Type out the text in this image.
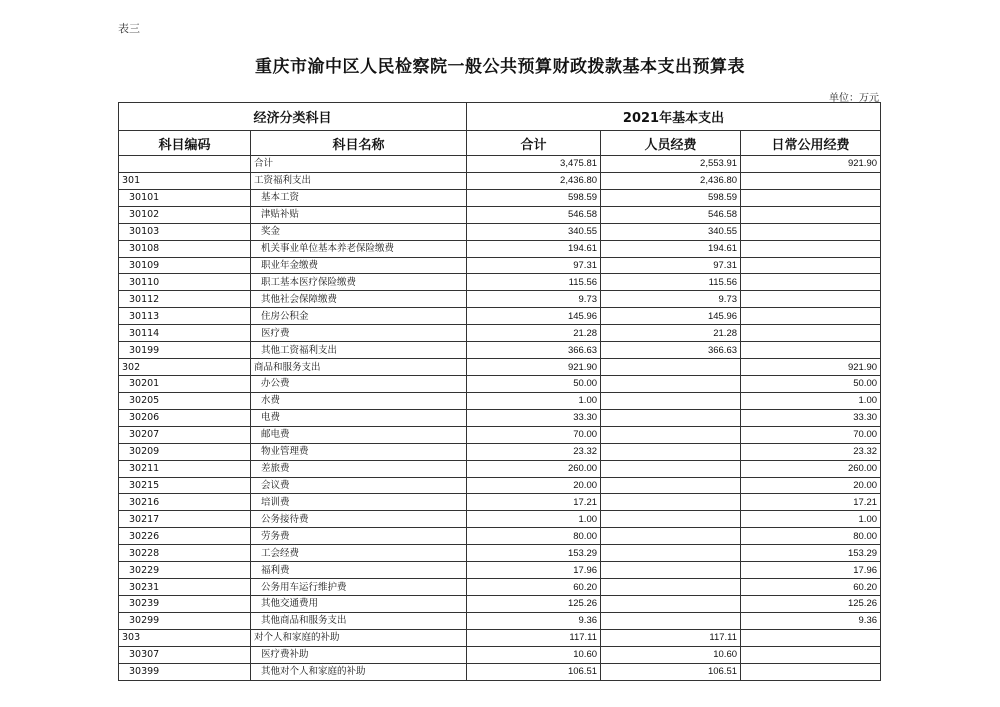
表三
重庆市渝中区人民检察院一般公共预算财政拨款基本支出预算表
单位：万元
经济分类科目		2021年基本支出		
科目编码	科目名称	合计	人员经费	日常公用经费
	合计	3,475.81	2,553.91	921.90
301	工资福利支出	2,436.80	2,436.80	
30101	基本工资	598.59	598.59	
30102	津贴补贴	546.58	546.58	
30103	奖金	340.55	340.55	
30108	机关事业单位基本养老保险缴费	194.61	194.61	
30109	职业年金缴费	97.31	97.31	
30110	职工基本医疗保险缴费	115.56	115.56	
30112	其他社会保障缴费	9.73	9.73	
30113	住房公积金	145.96	145.96	
30114	医疗费	21.28	21.28	
30199	其他工资福利支出	366.63	366.63	
302	商品和服务支出	921.90		921.90
30201	办公费	50.00		50.00
30205	水费	1.00		1.00
30206	电费	33.30		33.30
30207	邮电费	70.00		70.00
30209	物业管理费	23.32		23.32
30211	差旅费	260.00		260.00
30215	会议费	20.00		20.00
30216	培训费	17.21		17.21
30217	公务接待费	1.00		1.00
30226	劳务费	80.00		80.00
30228	工会经费	153.29		153.29
30229	福利费	17.96		17.96
30231	公务用车运行维护费	60.20		60.20
30239	其他交通费用	125.26		125.26
30299	其他商品和服务支出	9.36		9.36
303	对个人和家庭的补助	117.11	117.11	
30307	医疗费补助	10.60	10.60	
30399	其他对个人和家庭的补助	106.51	106.51	
